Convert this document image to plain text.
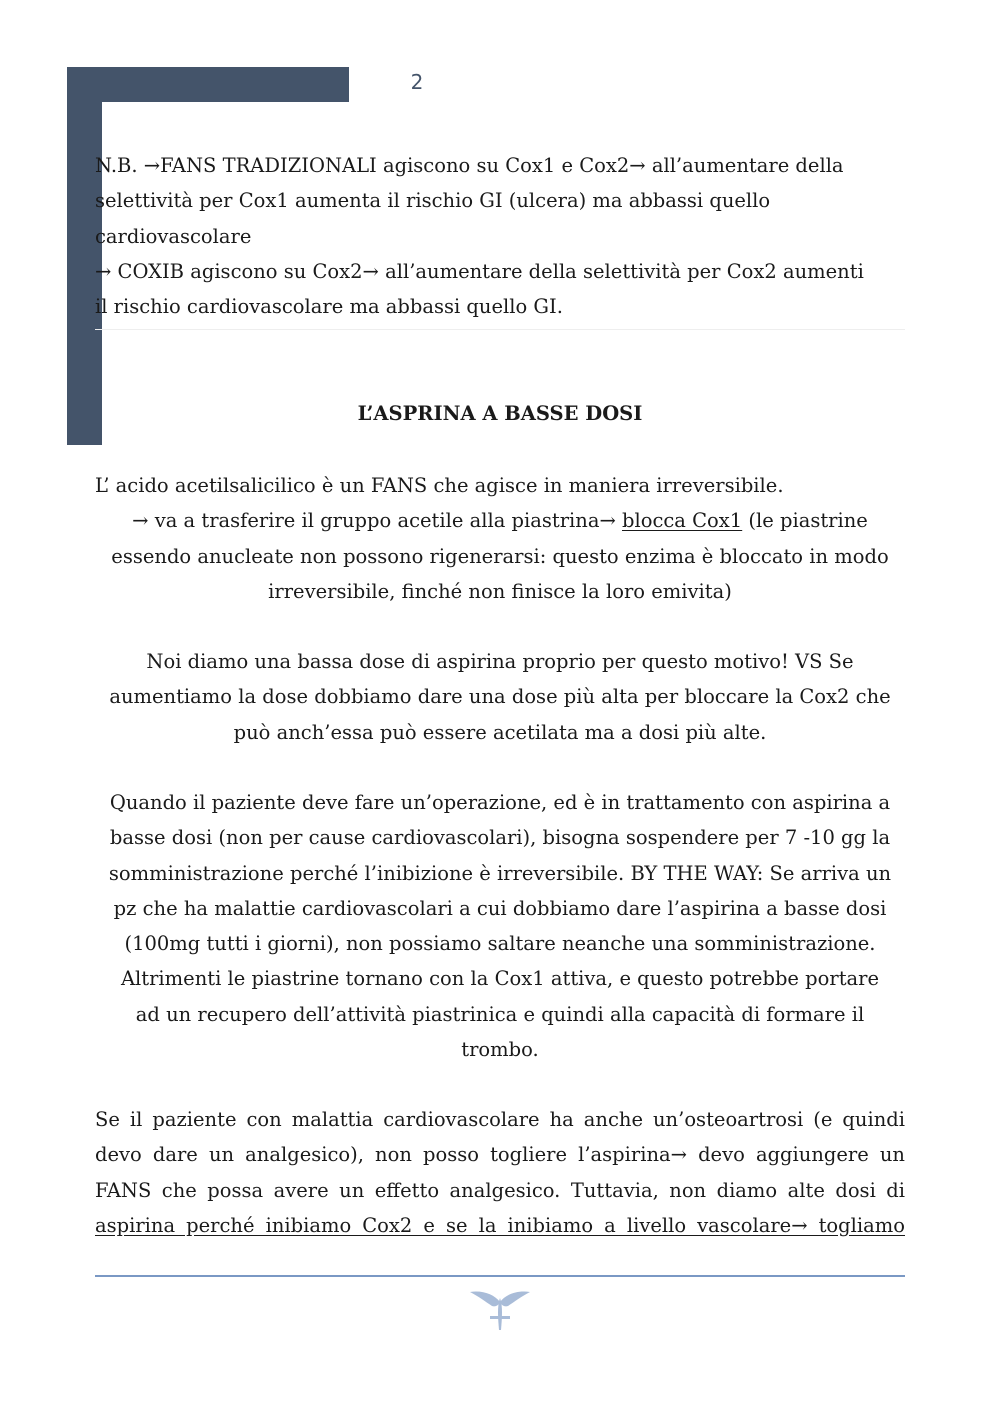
2
N.B. →FANS TRADIZIONALI agiscono su Cox1 e Cox2→ all’aumentare della
selettività per Cox1 aumenta il rischio GI (ulcera) ma abbassi quello
cardiovascolare
→ COXIB agiscono su Cox2→ all’aumentare della selettività per Cox2 aumenti
il rischio cardiovascolare ma abbassi quello GI.
L’ASPRINA A BASSE DOSI
L’ acido acetilsalicilico è un FANS che agisce in maniera irreversibile.
→ va a trasferire il gruppo acetile alla piastrina→ blocca Cox1 (le piastrine
essendo anucleate non possono rigenerarsi: questo enzima è bloccato in modo
irreversibile, finché non finisce la loro emivita)
Noi diamo una bassa dose di aspirina proprio per questo motivo! VS Se
aumentiamo la dose dobbiamo dare una dose più alta per bloccare la Cox2 che
può anch’essa può essere acetilata ma a dosi più alte.
Quando il paziente deve fare un’operazione, ed è in trattamento con aspirina a
basse dosi (non per cause cardiovascolari), bisogna sospendere per 7 -10 gg la
somministrazione perché l’inibizione è irreversibile. BY THE WAY: Se arriva un
pz che ha malattie cardiovascolari a cui dobbiamo dare l’aspirina a basse dosi
(100mg tutti i giorni), non possiamo saltare neanche una somministrazione.
Altrimenti le piastrine tornano con la Cox1 attiva, e questo potrebbe portare
ad un recupero dell’attività piastrinica e quindi alla capacità di formare il
trombo.
Se il paziente con malattia cardiovascolare ha anche un’osteoartrosi (e quindi
devo dare un analgesico), non posso togliere l’aspirina→ devo aggiungere un
FANS che possa avere un effetto analgesico. Tuttavia, non diamo alte dosi di
aspirina perché inibiamo Cox2 e se la inibiamo a livello vascolare→ togliamo
